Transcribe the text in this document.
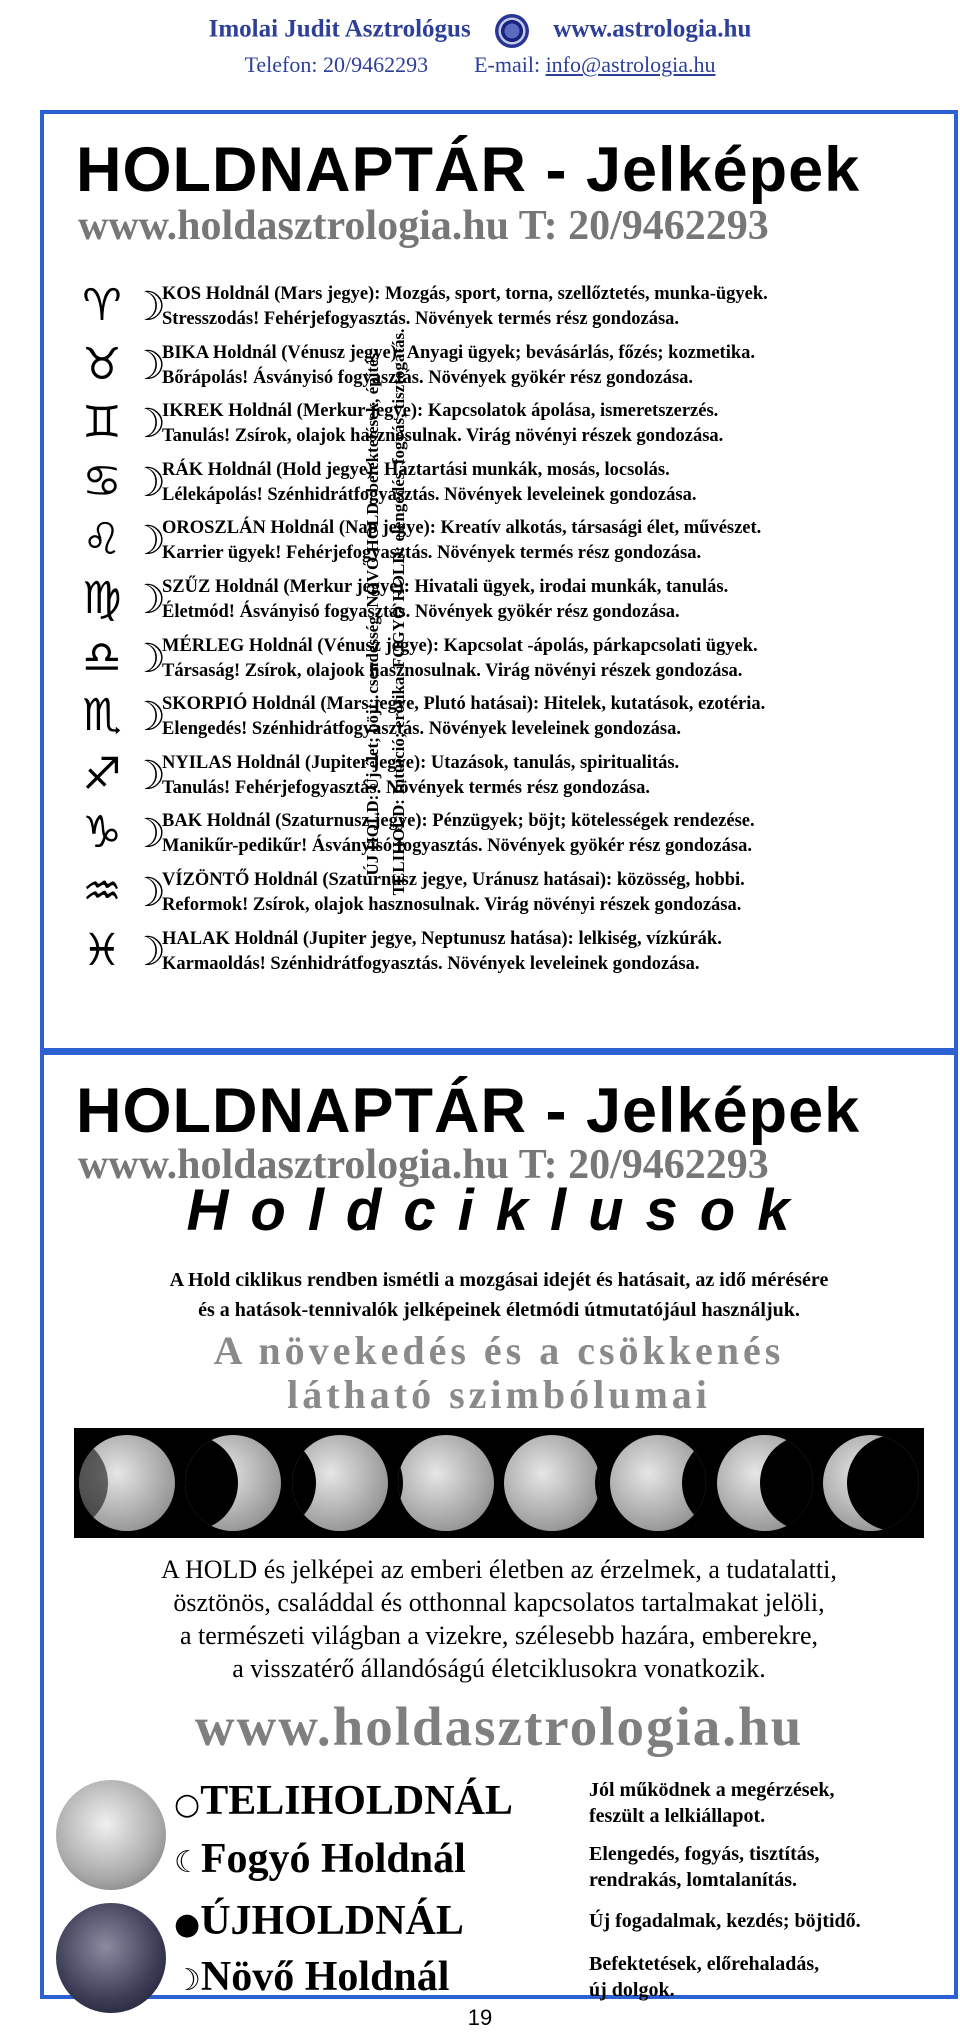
Imolai Judit Asztrológus	www.astrologia.hu
Telefon: 20/9462293 E-mail: info@astrologia.hu
HOLDNAPTÁR - Jelképek
www.holdasztrologia.hu T: 20/9462293
ÚJ HOLD: Új élet; böjt; csendesség. NÖVŐ HOLD: befektetések, építés. TELIHOLD: Intuíció; erotika. FOGYÓ HOLD: elengedés, fogyás, tisztogatás.
♈ ☽
KOS Holdnál (Mars jegye): Mozgás, sport, torna, szellőztetés, munka-ügyek.
Stresszodás! Fehérjefogyasztás. Növények termés rész gondozása.
♉ ☽
BIKA Holdnál (Vénusz jegye): Anyagi ügyek; bevásárlás, főzés; kozmetika.
Bőrápolás! Ásványisó fogyasztás. Növények gyökér rész gondozása.
♊ ☽
IKREK Holdnál (Merkur jegye): Kapcsolatok ápolása, ismeretszerzés.
Tanulás! Zsírok, olajok hasznosulnak. Virág növényi részek gondozása.
♋ ☽
RÁK Holdnál (Hold jegye): Háztartási munkák, mosás, locsolás.
Lélekápolás! Szénhidrátfogyasztás. Növények leveleinek gondozása.
♌ ☽
OROSZLÁN Holdnál (Nap jegye): Kreatív alkotás, társasági élet, művészet.
Karrier ügyek! Fehérjefogyasztás. Növények termés rész gondozása.
♍ ☽
SZŰZ Holdnál (Merkur jegye): Hivatali ügyek, irodai munkák, tanulás.
Életmód! Ásványisó fogyasztás. Növények gyökér rész gondozása.
♎ ☽
MÉRLEG Holdnál (Vénusz jegye): Kapcsolat -ápolás, párkapcsolati ügyek.
Társaság! Zsírok, olajook hasznosulnak. Virág növényi részek gondozása.
♏ ☽
SKORPIÓ Holdnál (Mars jegye, Plutó hatásai): Hitelek, kutatások, ezotéria.
Elengedés! Szénhidrátfogyasztás. Növények leveleinek gondozása.
♐ ☽
NYILAS Holdnál (Jupiter jegye): Utazások, tanulás, spiritualitás.
Tanulás! Fehérjefogyasztás. Növények termés rész gondozása.
♑ ☽
BAK Holdnál (Szaturnusz jegye): Pénzügyek; böjt; kötelességek rendezése.
Manikűr-pedikűr! Ásványisó fogyasztás. Növények gyökér rész gondozása.
♒ ☽
VÍZÖNTŐ Holdnál (Szaturnusz jegye, Uránusz hatásai): közösség, hobbi.
Reformok! Zsírok, olajok hasznosulnak. Virág növényi részek gondozása.
♓ ☽
HALAK Holdnál (Jupiter jegye, Neptunusz hatása): lelkiség, vízkúrák.
Karmaoldás! Szénhidrátfogyasztás. Növények leveleinek gondozása.
HOLDNAPTÁR - Jelképek
www.holdasztrologia.hu T: 20/9462293
Holdciklusok
A Hold ciklikus rendben ismétli a mozgásai idejét és hatásait, az idő mérésére
és a hatások-tennivalók jelképeinek életmódi útmutatójául használjuk.
A növekedés és a csökkenés
látható szimbólumai
A HOLD és jelképei az emberi életben az érzelmek, a tudatalatti,
ösztönös, családdal és otthonnal kapcsolatos tartalmakat jelöli,
a természeti világban a vizekre, szélesebb hazára, emberekre,
a visszatérő állandóságú életciklusokra vonatkozik.
www.holdasztrologia.hu
○TELIHOLDNÁL
☾Fogyó Holdnál
●ÚJHOLDNÁL
☽Növő Holdnál
Jól működnek a megérzések,
feszült a lelkiállapot.
Elengedés, fogyás, tisztítás,
rendrakás, lomtalanítás.
Új fogadalmak, kezdés; böjtidő.
Befektetések, előrehaladás,
új dolgok.
19
